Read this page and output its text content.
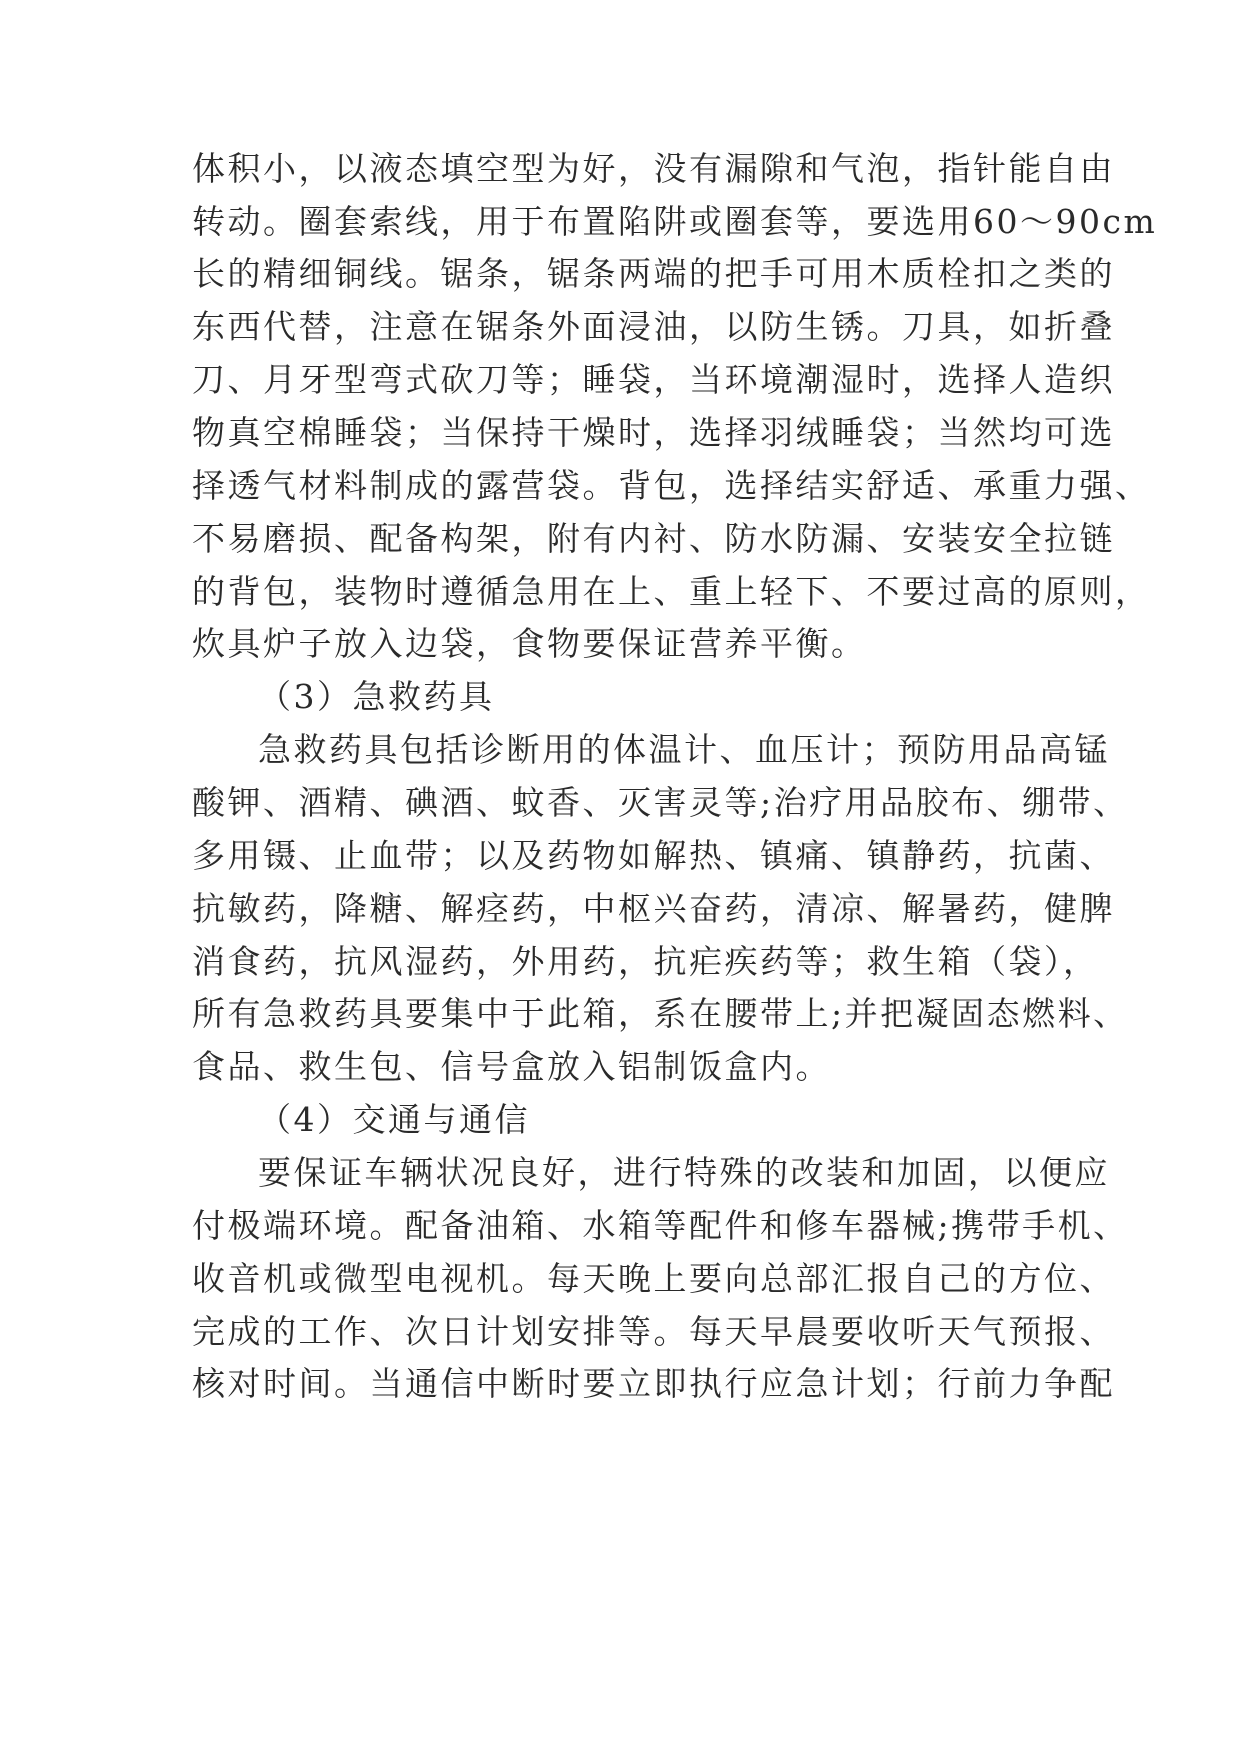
体积小，以液态填空型为好，没有漏隙和气泡，指针能自由
转动。圈套索线，用于布置陷阱或圈套等，要选用60～90cm
长的精细铜线。锯条，锯条两端的把手可用木质栓扣之类的
东西代替，注意在锯条外面浸油，以防生锈。刀具，如折叠
刀、月牙型弯式砍刀等；睡袋，当环境潮湿时，选择人造织
物真空棉睡袋；当保持干燥时，选择羽绒睡袋；当然均可选
择透气材料制成的露营袋。背包，选择结实舒适、承重力强、
不易磨损、配备构架，附有内衬、防水防漏、安装安全拉链
的背包，装物时遵循急用在上、重上轻下、不要过高的原则，
炊具炉子放入边袋，食物要保证营养平衡。
（3）急救药具
急救药具包括诊断用的体温计、血压计；预防用品高锰
酸钾、酒精、碘酒、蚊香、灭害灵等;治疗用品胶布、绷带、
多用镊、止血带；以及药物如解热、镇痛、镇静药，抗菌、
抗敏药，降糖、解痉药，中枢兴奋药，清凉、解暑药，健脾
消食药，抗风湿药，外用药，抗疟疾药等；救生箱（袋），
所有急救药具要集中于此箱，系在腰带上;并把凝固态燃料、
食品、救生包、信号盒放入铝制饭盒内。
（4）交通与通信
要保证车辆状况良好，进行特殊的改装和加固，以便应
付极端环境。配备油箱、水箱等配件和修车器械;携带手机、
收音机或微型电视机。每天晚上要向总部汇报自己的方位、
完成的工作、次日计划安排等。每天早晨要收听天气预报、
核对时间。当通信中断时要立即执行应急计划；行前力争配
